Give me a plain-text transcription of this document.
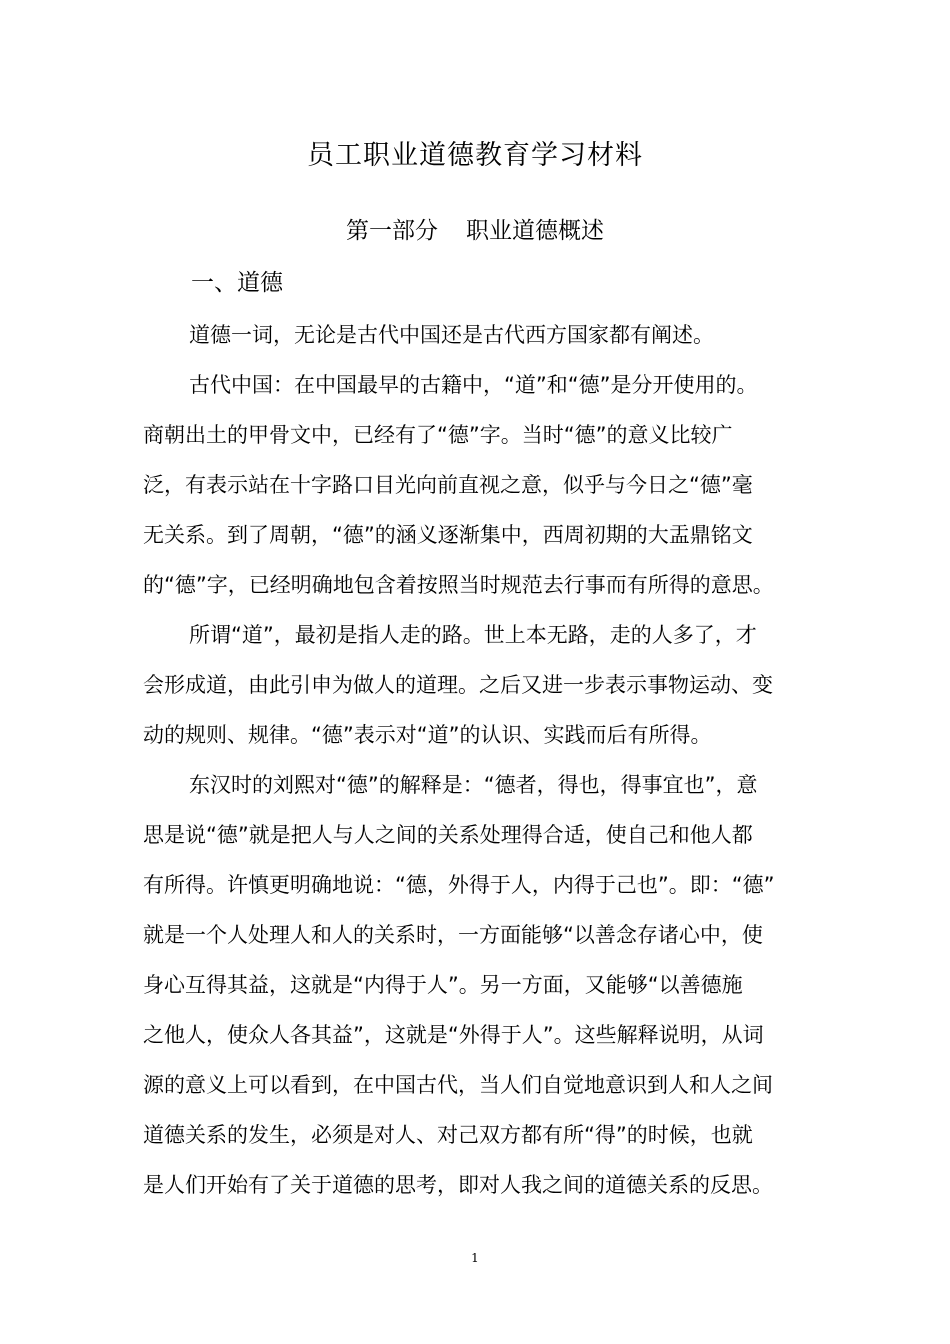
员工职业道德教育学习材料
第一部分 职业道德概述
一、道德
道德一词，无论是古代中国还是古代西方国家都有阐述。
古代中国：在中国最早的古籍中，“道”和“德”是分开使用的。
商朝出土的甲骨文中，已经有了“德”字。当时“德”的意义比较广
泛，有表示站在十字路口目光向前直视之意，似乎与今日之“德”毫
无关系。到了周朝，“德”的涵义逐渐集中，西周初期的大盂鼎铭文
的“德”字，已经明确地包含着按照当时规范去行事而有所得的意思。
所谓“道”，最初是指人走的路。世上本无路，走的人多了，才
会形成道，由此引申为做人的道理。之后又进一步表示事物运动、变
动的规则、规律。“德”表示对“道”的认识、实践而后有所得。
东汉时的刘熙对“德”的解释是：“德者，得也，得事宜也”，意
思是说“德”就是把人与人之间的关系处理得合适，使自己和他人都
有所得。许慎更明确地说：“德，外得于人，内得于己也”。即：“德”
就是一个人处理人和人的关系时，一方面能够“以善念存诸心中，使
身心互得其益，这就是“内得于人”。另一方面，又能够“以善德施
之他人，使众人各其益”，这就是“外得于人”。这些解释说明，从词
源的意义上可以看到，在中国古代，当人们自觉地意识到人和人之间
道德关系的发生，必须是对人、对己双方都有所“得”的时候，也就
是人们开始有了关于道德的思考，即对人我之间的道德关系的反思。
1
